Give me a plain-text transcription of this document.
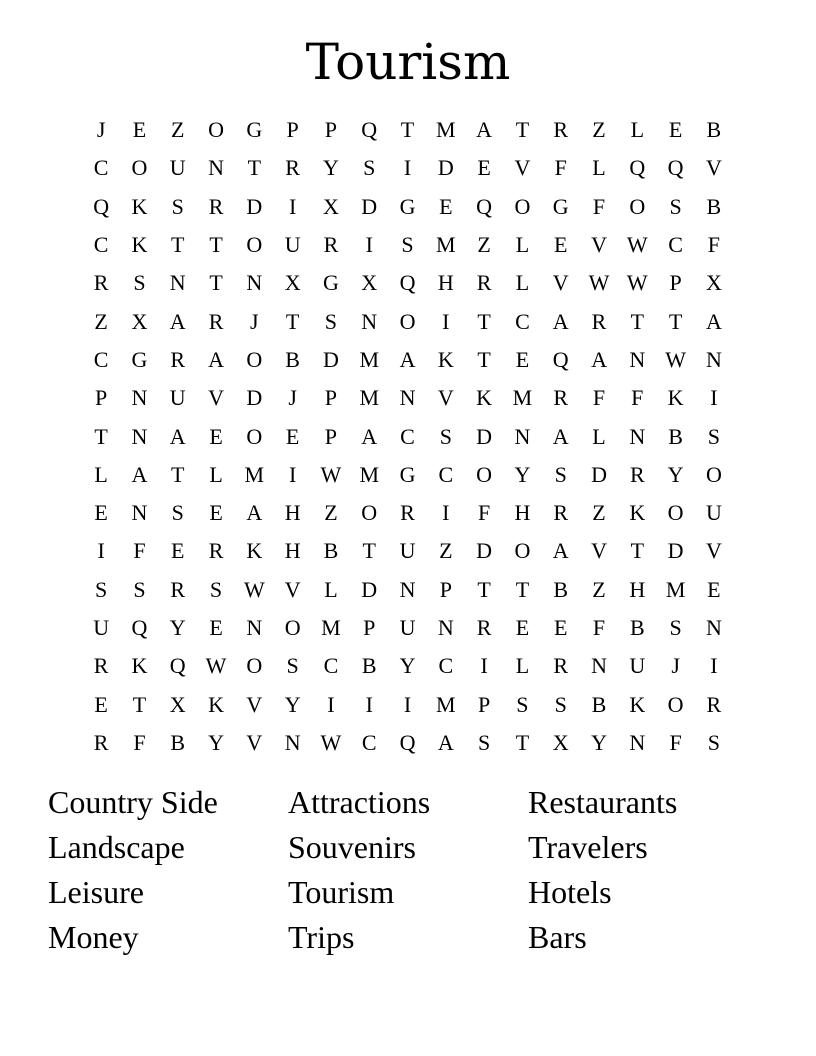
Tourism
J	E	Z	O	G	P	P	Q	T M A	T	R	Z	L	E	B
C	O	U	N	T	R	Y	S	I	D	E	V	F	L	Q	Q	V
Q	K	S	R	D	I	X	D	G	E	Q	O	G	F	O	S	B
C	K	T	T	O	U	R	I	S	M Z	L	E	V W C	F
R	S	N	T	N	X	G	X	Q	H	R	L	V W W P	X
Z	X	A	R	J	T	S	N	O	I	T	C	A	R	T	T	A
C	G	R	A	O	B	D M A	K	T	E	Q	A	N W N
P	N	U	V	D	J	P	M N	V	K M R	F	F	K	I
T	N	A	E	O	E	P	A	C	S	D	N	A	L	N	B	S
L	A	T	L M	I	W M G	C	O	Y	S	D	R	Y	O
E	N	S	E	A	H	Z	O	R	I	F	H	R	Z	K	O	U
I	F	E	R	K	H	B	T	U	Z	D	O	A	V	T	D	V
S	S	R	S W V	L	D	N	P	T	T	B	Z	H M E
U	Q	Y	E	N	O M	P	U	N	R	E	E	F	B	S	N
R	K	Q W O	S	C	B	Y	C	I	L	R	N	U	J	I
E	T	X	K	V	Y	I	I	I	M	P	S	S	B	K	O	R
R	F	B	Y	V	N W C	Q	A	S	T	X	Y	N	F	S
Country Side	Attractions	Restaurants
Landscape	Souvenirs	Travelers
Leisure	Tourism	Hotels
Money	Trips	Bars
